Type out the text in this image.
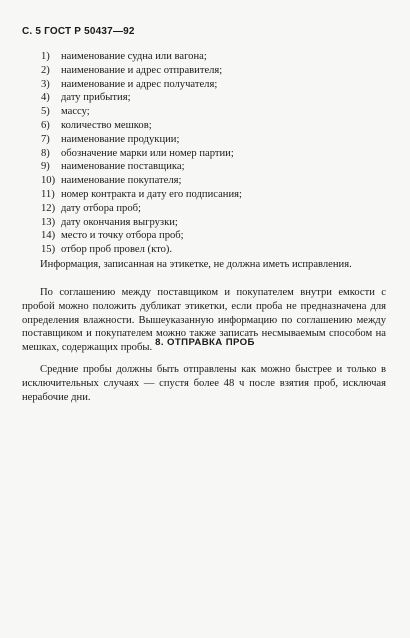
С. 5 ГОСТ Р 50437—92
1) наименование судна или вагона;
2) наименование и адрес отправителя;
3) наименование и адрес получателя;
4) дату прибытия;
5) массу;
6) количество мешков;
7) наименование продукции;
8) обозначение марки или номер партии;
9) наименование поставщика;
10) наименование покупателя;
11) номер контракта и дату его подписания;
12) дату отбора проб;
13) дату окончания выгрузки;
14) место и точку отбора проб;
15) отбор проб провел (кто).

Информация, записанная на этикетке, не должна иметь исправления.

По соглашению между поставщиком и покупателем внутри емкости с пробой можно положить дубликат этикетки, если проба не предназначена для определения влажности. Вышеуказанную информацию по соглашению между поставщиком и покупателем можно также записать несмываемым способом на мешках, содержащих пробы. 8. ОТПРАВКА ПРОБ

Средние пробы должны быть отправлены как можно быстрее и только в исключительных случаях — спустя более 48 ч после взятия проб, исключая нерабочие дни.
